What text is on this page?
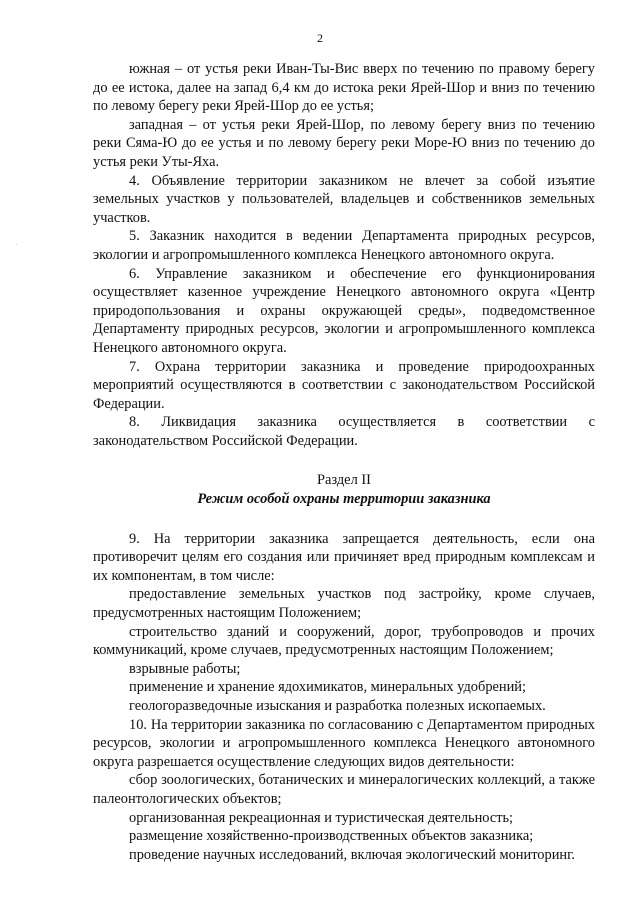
2

южная – от устья реки Иван-Ты-Вис вверх по течению по правому берегу до ее истока, далее на запад 6,4 км до истока реки Ярей-Шор и вниз по течению по левому берегу реки Ярей-Шор до ее устья;

западная – от устья реки Ярей-Шор, по левому берегу вниз по течению реки Сяма-Ю до ее устья и по левому берегу реки Море-Ю вниз по течению до устья реки Уты-Яха.

4. Объявление территории заказником не влечет за собой изъятие земельных участков у пользователей, владельцев и собственников земельных участков.

5. Заказник находится в ведении Департамента природных ресурсов, экологии и агропромышленного комплекса Ненецкого автономного округа.

6. Управление заказником и обеспечение его функционирования осуществляет казенное учреждение Ненецкого автономного округа «Центр природопользования и охраны окружающей среды», подведомственное Департаменту природных ресурсов, экологии и агропромышленного комплекса Ненецкого автономного округа.

7. Охрана территории заказника и проведение природоохранных мероприятий осуществляются в соответствии с законодательством Российской Федерации.

8. Ликвидация заказника осуществляется в соответствии с законодательством Российской Федерации.

Раздел II

Режим особой охраны территории заказника

9. На территории заказника запрещается деятельность, если она противоречит целям его создания или причиняет вред природным комплексам и их компонентам, в том числе:

предоставление земельных участков под застройку, кроме случаев, предусмотренных настоящим Положением;

строительство зданий и сооружений, дорог, трубопроводов и прочих коммуникаций, кроме случаев, предусмотренных настоящим Положением;

взрывные работы;

применение и хранение ядохимикатов, минеральных удобрений;

геологоразведочные изыскания и разработка полезных ископаемых.

10. На территории заказника по согласованию с Департаментом природных ресурсов, экологии и агропромышленного комплекса Ненецкого автономного округа разрешается осуществление следующих видов деятельности:

сбор зоологических, ботанических и минералогических коллекций, а также палеонтологических объектов;

организованная рекреационная и туристическая деятельность;

размещение хозяйственно-производственных объектов заказника;

проведение научных исследований, включая экологический мониторинг.
